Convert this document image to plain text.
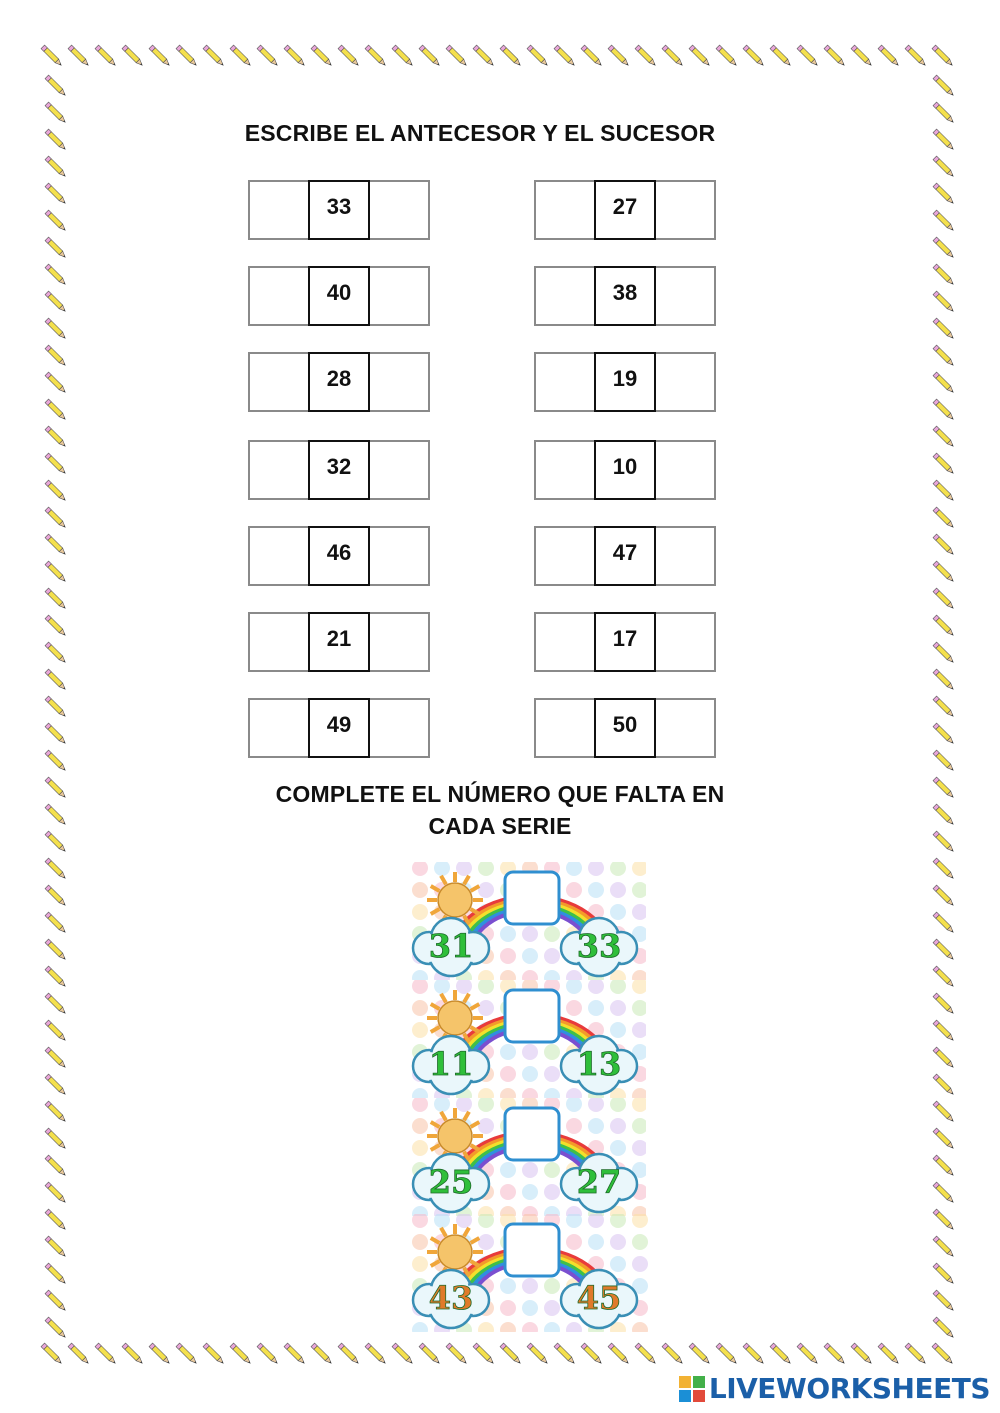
ESCRIBE EL ANTECESOR Y EL SUCESOR
33
40
28
32
46
21
49
27
38
19
10
47
17
50
COMPLETE EL NÚMERO QUE FALTA EN
CADA SERIE
31	33
11	13
25	27
43	45
LIVEWORKSHEETS
